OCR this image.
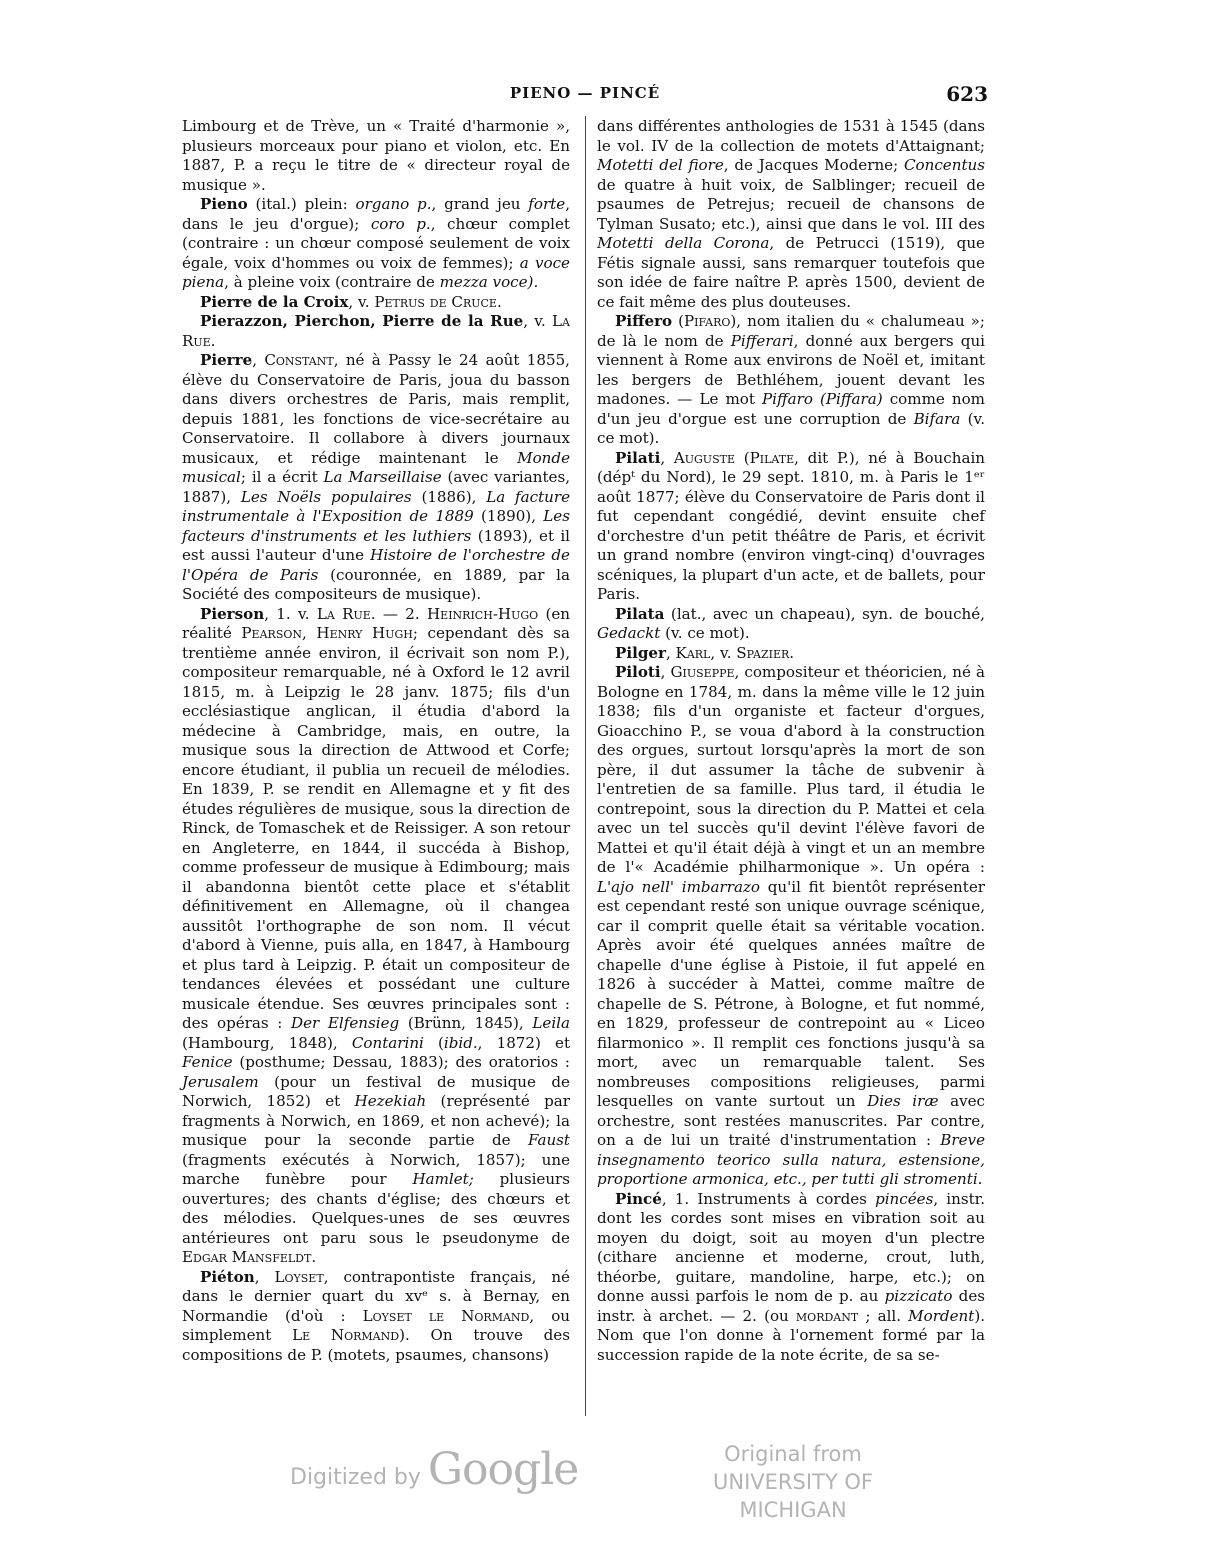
PIENO — PINCÉ	623

Limbourg et de Trève, un « Traité d'harmonie », plusieurs morceaux pour piano et violon, etc. En 1887, P. a reçu le titre de « directeur royal de musique ».

Pieno (ital.) plein: organo p., grand jeu forte, dans le jeu d'orgue); coro p., chœur complet (contraire : un chœur composé seulement de voix égale, voix d'hommes ou voix de femmes); a voce piena, à pleine voix (contraire de mezza voce).

Pierre de la Croix, v. Petrus de Cruce.

Pierazzon, Pierchon, Pierre de la Rue, v. La Rue.

Pierre, Constant, né à Passy le 24 août 1855, élève du Conservatoire de Paris, joua du basson dans divers orchestres de Paris, mais remplit, depuis 1881, les fonctions de vice-secrétaire au Conservatoire. Il collabore à divers journaux musicaux, et rédige maintenant le Monde musical; il a écrit La Marseillaise (avec variantes, 1887), Les Noëls populaires (1886), La facture instrumentale à l'Exposition de 1889 (1890), Les facteurs d'instruments et les luthiers (1893), et il est aussi l'auteur d'une Histoire de l'orchestre de l'Opéra de Paris (couronnée, en 1889, par la Société des compositeurs de musique).

Pierson, 1. v. La Rue. — 2. Heinrich-Hugo (en réalité Pearson, Henry Hugh; cependant dès sa trentième année environ, il écrivait son nom P.), compositeur remarquable, né à Oxford le 12 avril 1815, m. à Leipzig le 28 janv. 1875; fils d'un ecclésiastique anglican, il étudia d'abord la médecine à Cambridge, mais, en outre, la musique sous la direction de Attwood et Corfe; encore étudiant, il publia un recueil de mélodies. En 1839, P. se rendit en Allemagne et y fit des études régulières de musique, sous la direction de Rinck, de Tomaschek et de Reissiger. A son retour en Angleterre, en 1844, il succéda à Bishop, comme professeur de musique à Edimbourg; mais il abandonna bientôt cette place et s'établit définitivement en Allemagne, où il changea aussitôt l'orthographe de son nom. Il vécut d'abord à Vienne, puis alla, en 1847, à Hambourg et plus tard à Leipzig. P. était un compositeur de tendances élevées et possédant une culture musicale étendue. Ses œuvres principales sont : des opéras : Der Elfensieg (Brünn, 1845), Leila (Hambourg, 1848), Contarini (ibid., 1872) et Fenice (posthume; Dessau, 1883); des oratorios : Jerusalem (pour un festival de musique de Norwich, 1852) et Hezekiah (représenté par fragments à Norwich, en 1869, et non achevé); la musique pour la seconde partie de Faust (fragments exécutés à Norwich, 1857); une marche funèbre pour Hamlet; plusieurs ouvertures; des chants d'église; des chœurs et des mélodies. Quelques-unes de ses œuvres antérieures ont paru sous le pseudonyme de Edgar Mansfeldt.

Piéton, Loyset, contrapontiste français, né dans le dernier quart du xvᵉ s. à Bernay, en Normandie (d'où : Loyset le Normand, ou simplement Le Normand). On trouve des compositions de P. (motets, psaumes, chansons)

dans différentes anthologies de 1531 à 1545 (dans le vol. IV de la collection de motets d'Attaignant; Motetti del fiore, de Jacques Moderne; Concentus de quatre à huit voix, de Salblinger; recueil de psaumes de Petrejus; recueil de chansons de Tylman Susato; etc.), ainsi que dans le vol. III des Motetti della Corona, de Petrucci (1519), que Fétis signale aussi, sans remarquer toutefois que son idée de faire naître P. après 1500, devient de ce fait même des plus douteuses.

Piffero (Pifaro), nom italien du « chalumeau »; de là le nom de Pifferari, donné aux bergers qui viennent à Rome aux environs de Noël et, imitant les bergers de Bethléhem, jouent devant les madones. — Le mot Piffaro (Piffara) comme nom d'un jeu d'orgue est une corruption de Bifara (v. ce mot).

Pilati, Auguste (Pilate, dit P.), né à Bouchain (dépᵗ du Nord), le 29 sept. 1810, m. à Paris le 1ᵉʳ août 1877; élève du Conservatoire de Paris dont il fut cependant congédié, devint ensuite chef d'orchestre d'un petit théâtre de Paris, et écrivit un grand nombre (environ vingt-cinq) d'ouvrages scéniques, la plupart d'un acte, et de ballets, pour Paris.

Pilata (lat., avec un chapeau), syn. de bouché, Gedackt (v. ce mot).

Pilger, Karl, v. Spazier.

Piloti, Giuseppe, compositeur et théoricien, né à Bologne en 1784, m. dans la même ville le 12 juin 1838; fils d'un organiste et facteur d'orgues, Gioacchino P., se voua d'abord à la construction des orgues, surtout lorsqu'après la mort de son père, il dut assumer la tâche de subvenir à l'entretien de sa famille. Plus tard, il étudia le contrepoint, sous la direction du P. Mattei et cela avec un tel succès qu'il devint l'élève favori de Mattei et qu'il était déjà à vingt et un an membre de l'« Académie philharmonique ». Un opéra : L'ajo nell' imbarrazo qu'il fit bientôt représenter est cependant resté son unique ouvrage scénique, car il comprit quelle était sa véritable vocation. Après avoir été quelques années maître de chapelle d'une église à Pistoie, il fut appelé en 1826 à succéder à Mattei, comme maître de chapelle de S. Pétrone, à Bologne, et fut nommé, en 1829, professeur de contrepoint au « Liceo filarmonico ». Il remplit ces fonctions jusqu'à sa mort, avec un remarquable talent. Ses nombreuses compositions religieuses, parmi lesquelles on vante surtout un Dies iræ avec orchestre, sont restées manuscrites. Par contre, on a de lui un traité d'instrumentation : Breve insegnamento teorico sulla natura, estensione, proportione armonica, etc., per tutti gli stromenti.

Pincé, 1. Instruments à cordes pincées, instr. dont les cordes sont mises en vibration soit au moyen du doigt, soit au moyen d'un plectre (cithare ancienne et moderne, crout, luth, théorbe, guitare, mandoline, harpe, etc.); on donne aussi parfois le nom de p. au pizzicato des instr. à archet. — 2. (ou mordant ; all. Mordent). Nom que l'on donne à l'ornement formé par la succession rapide de la note écrite, de sa se-

Digitized by Google	Original from
UNIVERSITY OF MICHIGAN
